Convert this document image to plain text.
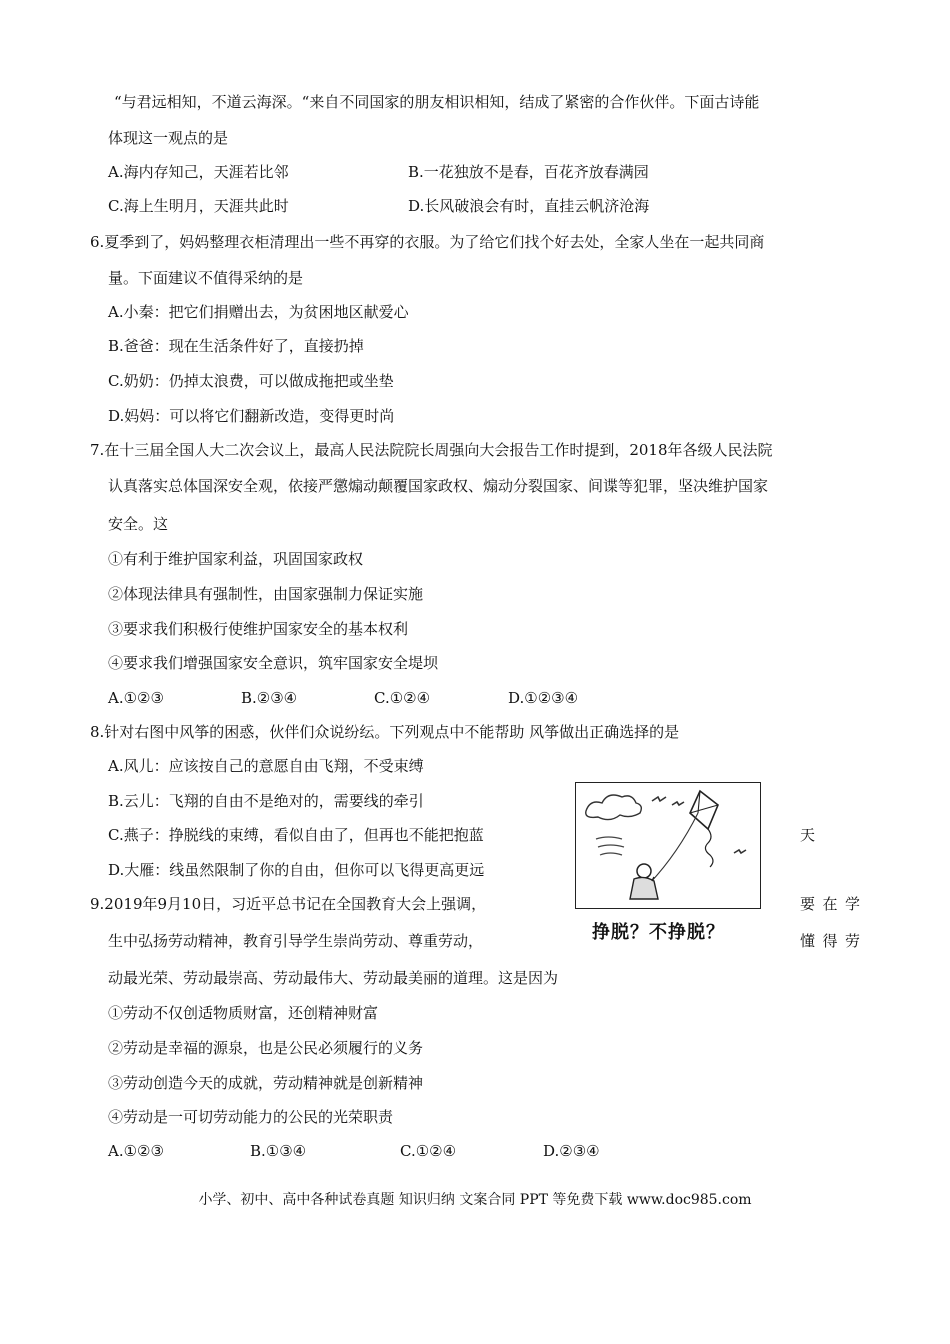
“与君远相知，不道云海深。“来自不同国家的朋友相识相知，结成了紧密的合作伙伴。下面古诗能
体现这一观点的是
A.海内存知己，天涯若比邻	B.一花独放不是春，百花齐放春满园
C.海上生明月，天涯共此时	D.长风破浪会有时，直挂云帆济沧海
6.夏季到了，妈妈整理衣柜清理出一些不再穿的衣服。为了给它们找个好去处，全家人坐在一起共同商
量。下面建议不值得采纳的是
A.小秦：把它们捐赠出去，为贫困地区献爱心
B.爸爸：现在生活条件好了，直接扔掉
C.奶奶：仍掉太浪费，可以做成拖把或坐垫
D.妈妈：可以将它们翻新改造，变得更时尚
7.在十三届全国人大二次会议上，最高人民法院院长周强向大会报告工作时提到，2018年各级人民法院
认真落实总体国深安全观，依接严懲煽动颠覆国家政权、煽动分裂国家、间谍等犯罪，坚决维护国家
安全。这
①有利于维护国家利益，巩固国家政权
②体现法律具有强制性，由国家强制力保证实施
③要求我们积极行使维护国家安全的基本权利
④要求我们增强国家安全意识，筑牢国家安全堤坝
A.①②③	B.②③④	C.①②④	D.①②③④
8.针对右图中风筝的困惑，伙伴们众说纷纭。下列观点中不能帮助 风筝做出正确选择的是
A.风儿：应该按自己的意愿自由飞翔，不受束缚
B.云儿：飞翔的自由不是绝对的，需要线的牵引
C.燕子：挣脱线的束缚，看似自由了，但再也不能把抱蓝	天
D.大雁：线虽然限制了你的自由，但你可以飞得更高更远
挣脱？不挣脱？
9.2019年9月10日，习近平总书记在全国教育大会上强调，	要在学
生中弘扬劳动精神，教育引导学生崇尚劳动、尊重劳动，	懂得劳
动最光荣、劳动最崇高、劳动最伟大、劳动最美丽的道理。这是因为
①劳动不仅创适物质财富，还创精神财富
②劳动是幸福的源泉，也是公民必须履行的义务
③劳动创造今天的成就，劳动精神就是创新精神
④劳动是一可切劳动能力的公民的光荣职责
A.①②③	B.①③④	C.①②④	D.②③④
小学、初中、高中各种试卷真题 知识归纳 文案合同 PPT 等免费下载 www.doc985.com
